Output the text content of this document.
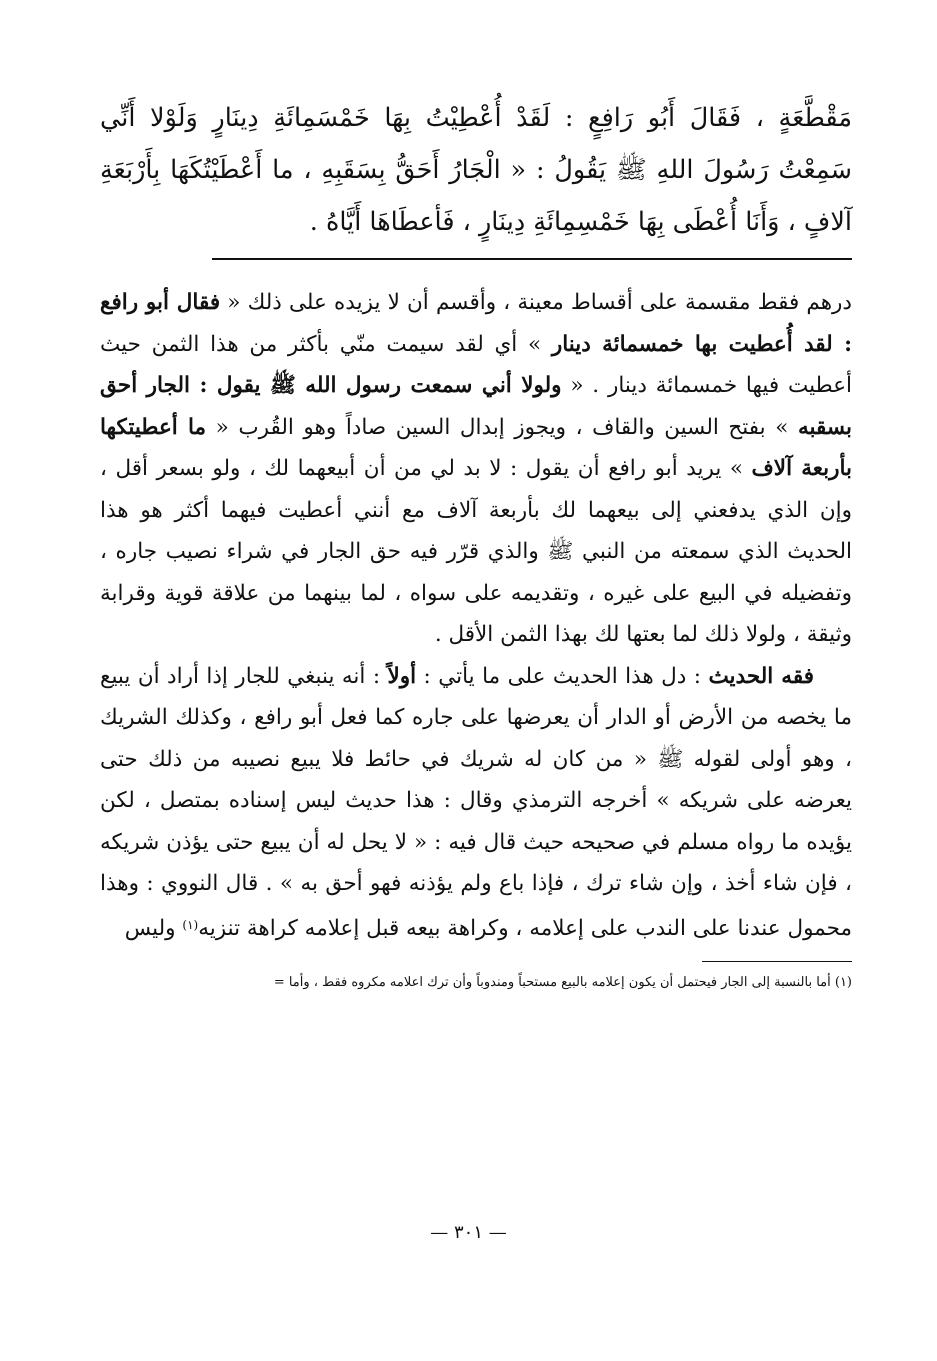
مَقْطَّعَةٍ ، فَقَالَ أَبُو رَافِعٍ : لَقَدْ أُعْطِيْتُ بِهَا خَمْسَمِائَةِ دِينَارٍ وَلَوْلا أَنِّي سَمِعْتُ رَسُولَ اللهِ ﷺ يَقُولُ : « الْجَارُ أَحَقُّ بِسَقَبِهِ ، ما أَعْطَيْتُكَهَا بِأَرْبَعَةِ آلافٍ ، وَأَنَا أُعْطَى بِهَا خَمْسِمِائَةِ دِينَارٍ ، فَأعطَاهَا أَيَّاهُ .

درهم فقط مقسمة على أقساط معينة ، وأقسم أن لا يزيده على ذلك « فقال أبو رافع : لقد أُعطيت بها خمسمائة دينار » أي لقد سيمت منّي بأكثر من هذا الثمن حيث أعطيت فيها خمسمائة دينار . « ولولا أني سمعت رسول الله ﷺ يقول : الجار أحق بسقبه » بفتح السين والقاف ، ويجوز إبدال السين صاداً وهو القُرب « ما أعطيتكها بأربعة آلاف » يريد أبو رافع أن يقول : لا بد لي من أن أبيعهما لك ، ولو بسعر أقل ، وإن الذي يدفعني إلى بيعهما لك بأربعة آلاف مع أنني أعطيت فيهما أكثر هو هذا الحديث الذي سمعته من النبي ﷺ والذي قرّر فيه حق الجار في شراء نصيب جاره ، وتفضيله في البيع على غيره ، وتقديمه على سواه ، لما بينهما من علاقة قوية وقرابة وثيقة ، ولولا ذلك لما بعتها لك بهذا الثمن الأقل .

فقه الحديث : دل هذا الحديث على ما يأتي : أولاً : أنه ينبغي للجار إذا أراد أن يبيع ما يخصه من الأرض أو الدار أن يعرضها على جاره كما فعل أبو رافع ، وكذلك الشريك ، وهو أولى لقوله ﷺ « من كان له شريك في حائط فلا يبيع نصيبه من ذلك حتى يعرضه على شريكه » أخرجه الترمذي وقال : هذا حديث ليس إسناده بمتصل ، لكن يؤيده ما رواه مسلم في صحيحه حيث قال فيه : « لا يحل له أن يبيع حتى يؤذن شريكه ، فإن شاء أخذ ، وإن شاء ترك ، فإذا باع ولم يؤذنه فهو أحق به » . قال النووي : وهذا محمول عندنا على الندب على إعلامه ، وكراهة بيعه قبل إعلامه كراهة تنزيه$^{(١)}$ وليس

(١) أما بالنسبة إلى الجار فيحتمل أن يكون إعلامه بالبيع مستحباً ومندوباً وأن ترك اعلامه مكروه فقط ، وأما =

— ٣٠١ —
